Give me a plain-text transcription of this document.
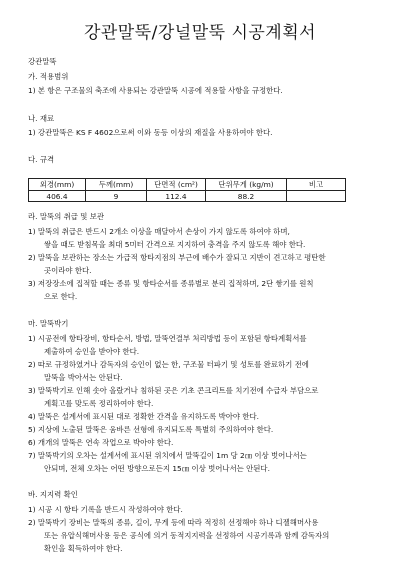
강관말뚝/강널말뚝 시공계획서
강관말뚝
가. 적용범위
1) 본 항은 구조물의 축조에 사용되는 강관말뚝 시공에 적용할 사항을 규정한다.
나. 재료
1) 강관말뚝은 KS F 4602으로써 이와 동등 이상의 재질을 사용하여야 한다.
다. 규격
외경(mm)	두께(mm)	단면적 (cm²)	단위무게 (kg/m)	비고
406.4	9	112.4	88.2	
라. 말뚝의 취급 및 보관
1) 말뚝의 취급은 반드시 2개소 이상을 매달아서 손상이 가지 않도록 하여야 하며,
쌓을 때도 받침목을 최대 5미터 간격으로 지지하여 충격을 주지 않도록 해야 한다.
2) 말뚝을 보관하는 장소는 가급적 항타지점의 부근에 배수가 잘되고 지반이 견고하고 평탄한
곳이라야 한다.
3) 저장장소에 집적할 때는 종류 및 항타순서를 종류별로 분리 집적하며, 2단 쌓기를 원칙
으로 한다.
마. 말뚝박기
1) 시공전에 항타장비, 항타순서, 방법, 말뚝연결부 처리방법 등이 포함된 항타계획서를
제출하여 승인을 받아야 한다.
2) 따로 규정하였거나 감독자의 승인이 없는 한, 구조물 터파기 및 성토를 완료하기 전에
말뚝을 박아서는 안된다.
3) 말뚝박기로 인해 솟아 올랐거나 침하된 곳은 기초 콘크리트를 치기전에 수급자 부담으로
계획고를 맞도록 정리하여야 한다.
4) 말뚝은 설계서에 표시된 대로 정확한 간격을 유지하도록 박아야 한다.
5) 지상에 노출된 말뚝은 움바른 선형에 유지되도록 특별히 주의하여야 한다.
6) 개개의 말뚝은 연속 작업으로 박아야 한다.
7) 말뚝박기의 오차는 설계서에 표시된 위치에서 말뚝길이 1m 당 2㎝ 이상 벗어나서는
안되며, 전체 오차는 어떤 방향으로든지 15㎝ 이상 벗어나서는 안된다.
바. 지지력 확인
1) 시공 시 항타 기록을 반드시 작성하여야 한다.
2) 말뚝박기 장비는 말뚝의 종류, 길이, 무게 등에 따라 적정히 선정해야 하나 디젤해머사용
또는 유압식해머사용 등은 공식에 의거 동적지지력을 선정하여 시공기록과 함께 감독자의
확인을 획득하여야 한다.
